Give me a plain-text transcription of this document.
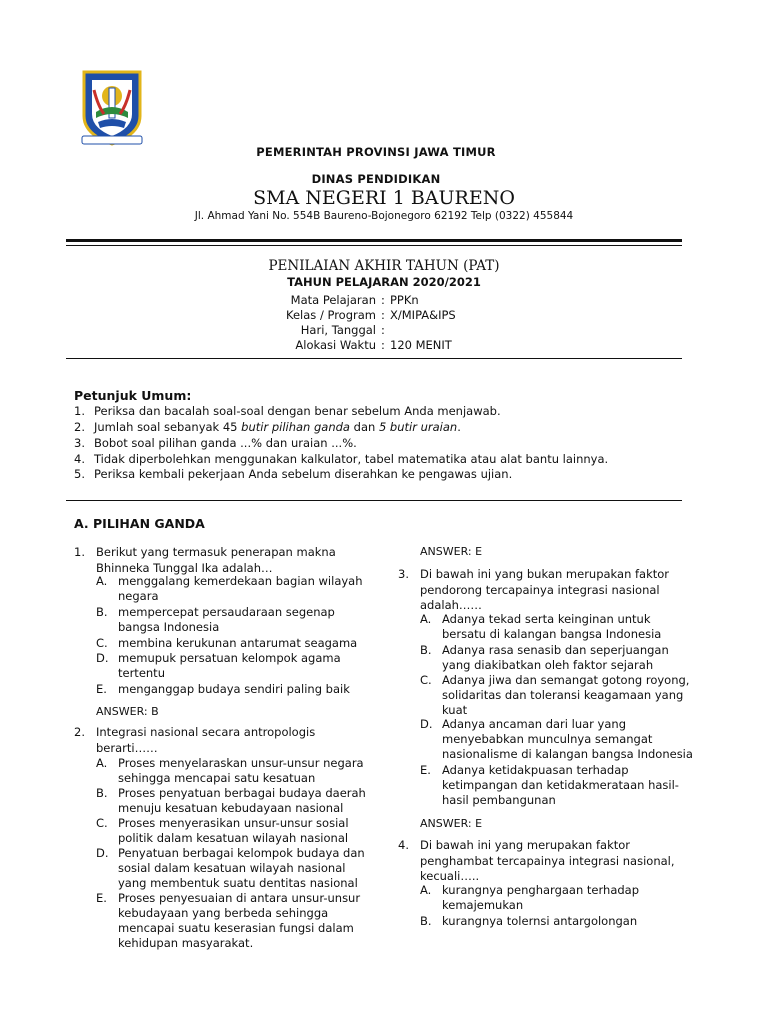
PEMERINTAH PROVINSI JAWA TIMUR
DINAS PENDIDIKAN
SMA NEGERI 1 BAURENO
Jl. Ahmad Yani No. 554B Baureno-Bojonegoro 62192 Telp (0322) 455844
PENILAIAN AKHIR TAHUN (PAT)
TAHUN PELAJARAN 2020/2021
Mata Pelajaran : PPKn
Kelas / Program : X/MIPA&IPS
Hari, Tanggal :
Alokasi Waktu : 120 MENIT
Petunjuk Umum:
1. Periksa dan bacalah soal-soal dengan benar sebelum Anda menjawab.
2. Jumlah soal sebanyak 45 butir pilihan ganda dan 5 butir uraian.
3. Bobot soal pilihan ganda ...% dan uraian ...%.
4. Tidak diperbolehkan menggunakan kalkulator, tabel matematika atau alat bantu lainnya.
5. Periksa kembali pekerjaan Anda sebelum diserahkan ke pengawas ujian.
A. PILIHAN GANDA
1. Berikut yang termasuk penerapan makna
Bhinneka Tunggal Ika adalah…
A. menggalang kemerdekaan bagian wilayah
negara
B. mempercepat persaudaraan segenap
bangsa Indonesia
C. membina kerukunan antarumat seagama
D. memupuk persatuan kelompok agama
tertentu
E. menganggap budaya sendiri paling baik
ANSWER: B
2. Integrasi nasional secara antropologis
berarti……
A. Proses menyelaraskan unsur-unsur negara
sehingga mencapai satu kesatuan
B. Proses penyatuan berbagai budaya daerah
menuju kesatuan kebudayaan nasional
C. Proses menyerasikan unsur-unsur sosial
politik dalam kesatuan wilayah nasional
D. Penyatuan berbagai kelompok budaya dan
sosial dalam kesatuan wilayah nasional
yang membentuk suatu dentitas nasional
E. Proses penyesuaian di antara unsur-unsur
kebudayaan yang berbeda sehingga
mencapai suatu keserasian fungsi dalam
kehidupan masyarakat.
ANSWER: E
3. Di bawah ini yang bukan merupakan faktor
pendorong tercapainya integrasi nasional
adalah……
A. Adanya tekad serta keinginan untuk
bersatu di kalangan bangsa Indonesia
B. Adanya rasa senasib dan seperjuangan
yang diakibatkan oleh faktor sejarah
C. Adanya jiwa dan semangat gotong royong,
solidaritas dan toleransi keagamaan yang
kuat
D. Adanya ancaman dari luar yang
menyebabkan munculnya semangat
nasionalisme di kalangan bangsa Indonesia
E. Adanya ketidakpuasan terhadap
ketimpangan dan ketidakmerataan hasil-
hasil pembangunan
ANSWER: E
4. Di bawah ini yang merupakan faktor
penghambat tercapainya integrasi nasional,
kecuali…..
A. kurangnya penghargaan terhadap
kemajemukan
B. kurangnya tolernsi antargolongan
